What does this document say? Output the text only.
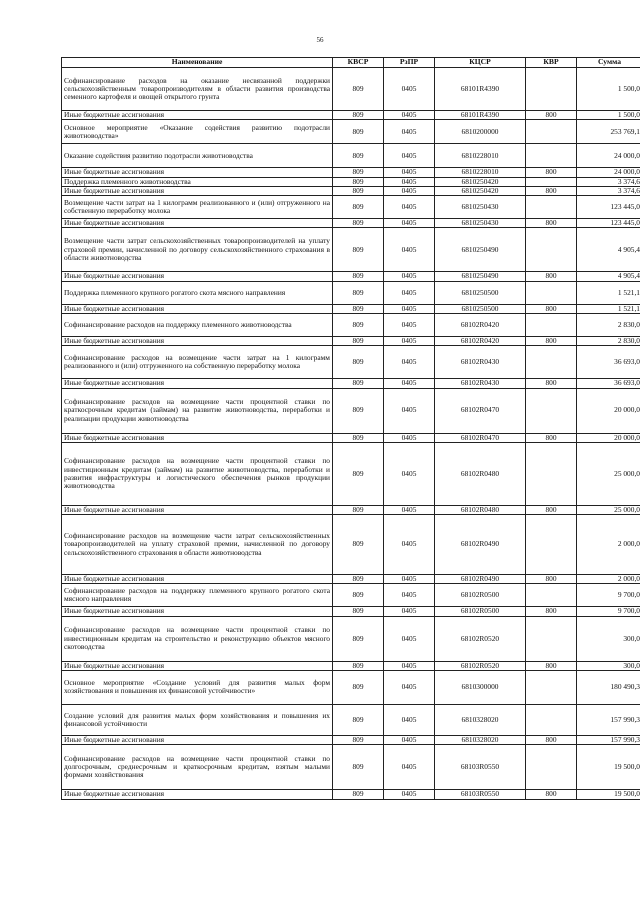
56
Наименование	КВСР	РзПР	КЦСР	КВР	Сумма
Софинансирование расходов на оказание несвязанной поддержки сельскохозяйственным товаропроизводителям в области развития производства семенного картофеля и овощей открытого грунта	809	0405	68101R4390		1 500,0
Иные бюджетные ассигнования	809	0405	68101R4390	800	1 500,0
Основное мероприятие «Оказание содействия развитию подотрасли животноводства»	809	0405	6810200000		253 769,1
Оказание содействия развитию подотрасли животноводства	809	0405	6810228010		24 000,0
Иные бюджетные ассигнования	809	0405	6810228010	800	24 000,0
Поддержка племенного животноводства	809	0405	6810250420		3 374,6
Иные бюджетные ассигнования	809	0405	6810250420	800	3 374,6
Возмещение части затрат на 1 килограмм реализованного и (или) отгруженного на собственную переработку молока	809	0405	6810250430		123 445,0
Иные бюджетные ассигнования	809	0405	6810250430	800	123 445,0
Возмещение части затрат сельскохозяйственных товаропроизводителей на уплату страховой премии, начисленной по договору сельскохозяйственного страхования в области животноводства	809	0405	6810250490		4 905,4
Иные бюджетные ассигнования	809	0405	6810250490	800	4 905,4
Поддержка племенного крупного рогатого скота мясного направления	809	0405	6810250500		1 521,1
Иные бюджетные ассигнования	809	0405	6810250500	800	1 521,1
Софинансирование расходов на поддержку племенного животноводства	809	0405	68102R0420		2 830,0
Иные бюджетные ассигнования	809	0405	68102R0420	800	2 830,0
Софинансирование расходов на возмещение части затрат на 1 килограмм реализованного и (или) отгруженного на собственную переработку молока	809	0405	68102R0430		36 693,0
Иные бюджетные ассигнования	809	0405	68102R0430	800	36 693,0
Софинансирование расходов на возмещение части процентной ставки по краткосрочным кредитам (займам) на развитие животноводства, переработки и реализации продукции животноводства	809	0405	68102R0470		20 000,0
Иные бюджетные ассигнования	809	0405	68102R0470	800	20 000,0
Софинансирование расходов на возмещение части процентной ставки по инвестиционным кредитам (займам) на развитие животноводства, переработки и развития инфраструктуры и логистического обеспечения рынков продукции животноводства	809	0405	68102R0480		25 000,0
Иные бюджетные ассигнования	809	0405	68102R0480	800	25 000,0
Софинансирование расходов на возмещение части затрат сельскохозяйственных товаропроизводителей на уплату страховой премии, начисленной по договору сельскохозяйственного страхования в области животноводства	809	0405	68102R0490		2 000,0
Иные бюджетные ассигнования	809	0405	68102R0490	800	2 000,0
Софинансирование расходов на поддержку племенного крупного рогатого скота мясного направления	809	0405	68102R0500		9 700,0
Иные бюджетные ассигнования	809	0405	68102R0500	800	9 700,0
Софинансирование расходов на возмещение части процентной ставки по инвестиционным кредитам на строительство и реконструкцию объектов мясного скотоводства	809	0405	68102R0520		300,0
Иные бюджетные ассигнования	809	0405	68102R0520	800	300,0
Основное мероприятие «Создание условий для развития малых форм хозяйствования и повышения их финансовой устойчивости»	809	0405	6810300000		180 490,3
Создание условий для развития малых форм хозяйствования и повышения их финансовой устойчивости	809	0405	6810328020		157 990,3
Иные бюджетные ассигнования	809	0405	6810328020	800	157 990,3
Софинансирование расходов на возмещение части процентной ставки по долгосрочным, среднесрочным и краткосрочным кредитам, взятым малыми формами хозяйствования	809	0405	68103R0550		19 500,0
Иные бюджетные ассигнования	809	0405	68103R0550	800	19 500,0
